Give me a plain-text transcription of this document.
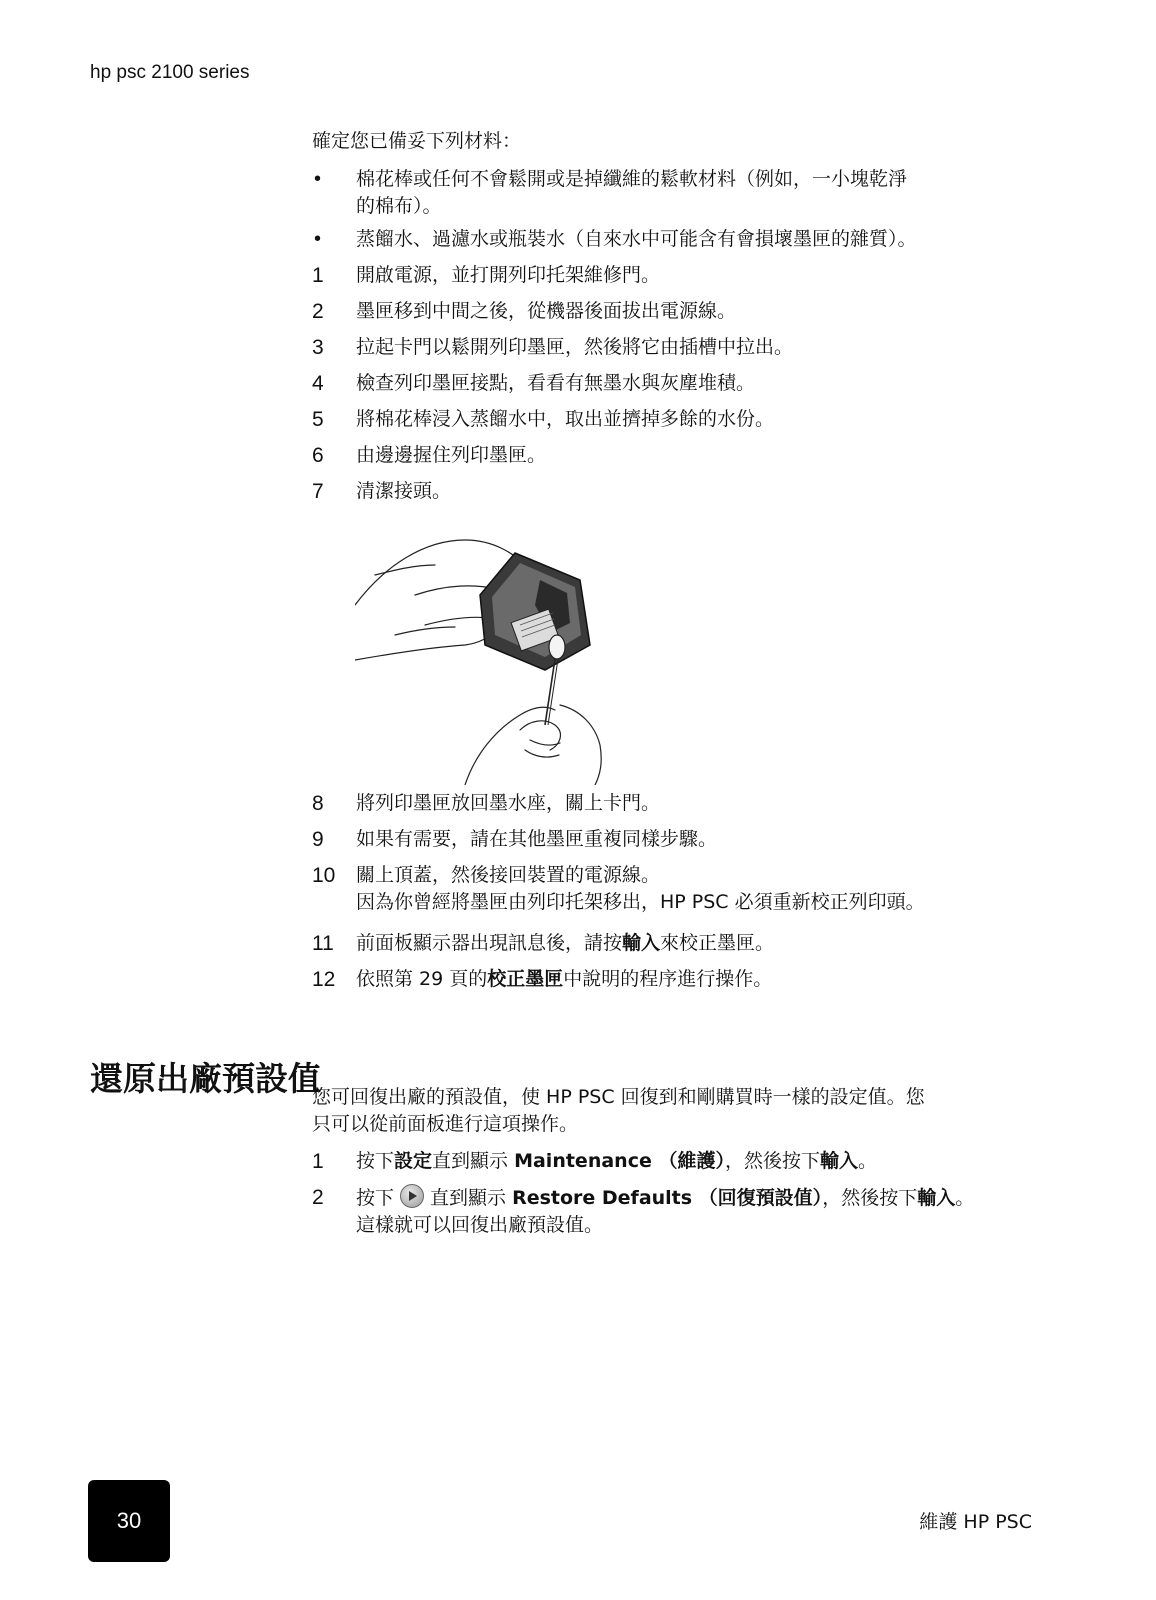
hp psc 2100 series
確定您已備妥下列材料：
•	棉花棒或任何不會鬆開或是掉纖維的鬆軟材料（例如，一小塊乾淨
的棉布）。
•	蒸餾水、過濾水或瓶裝水（自來水中可能含有會損壞墨匣的雜質）。
1	開啟電源，並打開列印托架維修門。
2	墨匣移到中間之後，從機器後面拔出電源線。
3	拉起卡門以鬆開列印墨匣，然後將它由插槽中拉出。
4	檢查列印墨匣接點，看看有無墨水與灰塵堆積。
5	將棉花棒浸入蒸餾水中，取出並擠掉多餘的水份。
6	由邊邊握住列印墨匣。
7	清潔接頭。
8	將列印墨匣放回墨水座，關上卡門。
9	如果有需要，請在其他墨匣重複同樣步驟。
10	關上頂蓋，然後接回裝置的電源線。
因為你曾經將墨匣由列印托架移出，HP PSC 必須重新校正列印頭。
11	前面板顯示器出現訊息後，請按輸入來校正墨匣。
12	依照第 29 頁的校正墨匣中說明的程序進行操作。
還原出廠預設值
您可回復出廠的預設值，使 HP PSC 回復到和剛購買時一樣的設定值。您
只可以從前面板進行這項操作。
1	按下設定直到顯示 Maintenance （維護），然後按下輸入。
2	按下 直到顯示 Restore Defaults （回復預設值），然後按下輸入。
這樣就可以回復出廠預設值。
30	維護 HP PSC
